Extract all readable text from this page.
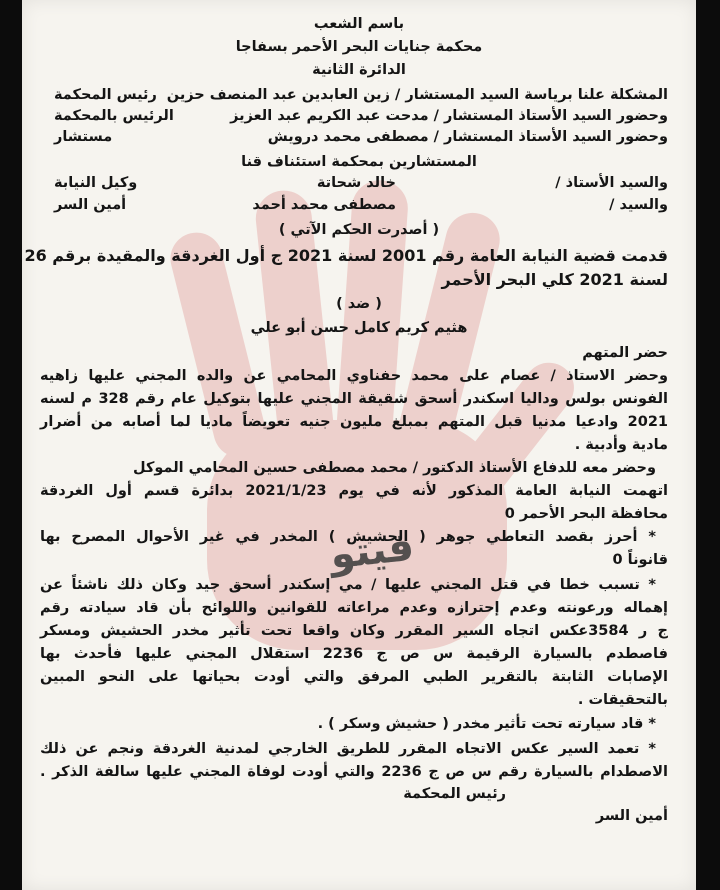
فيتو
باسم الشعب
محكمة جنايات البحر الأحمر بسفاجا
الدائرة الثانية
المشكلة علنا برياسة السيد المستشار / زين العابدين عبد المنصف حزين
رئيس المحكمة
وحضور السيد الأستاذ المستشار / مدحت عبد الكريم عبد العزيز
الرئيس بالمحكمة
وحضور السيد الأستاذ المستشار / مصطفى محمد درويش
مستشار
المستشارين بمحكمة استئناف قنا
والسيد الأستاذ /
خالد شحاتة
وكيل النيابة
والسيد /
مصطفى محمد أحمد
أمين السر
( أصدرت الحكم الآتي )
قدمت قضية النيابة العامة رقم 2001 لسنة 2021 ج أول الغردقة والمقيدة برقم 26
لسنة 2021 كلي البحر الأحمر
( ضد )
هثيم كريم كامل حسن أبو علي
حضر المتهم
وحضر الاستاذ / عصام على محمد حفناوي المحامي عن والده المجني عليها زاهيه
الفونس بولس وداليا اسكندر أسحق شقيقة المجني عليها بتوكيل عام رقم 328 م لسنه
2021 وادعيا مدنيا قبل المتهم بمبلغ مليون جنيه تعويضاً ماديا لما أصابه من أضرار
مادية وأدبية .
وحضر معه للدفاع الأستاذ الدكتور / محمد مصطفى حسين المحامي الموكل
اتهمت النيابة العامة المذكور لأنه في يوم 2021/1/23 بدائرة قسم أول الغردقة
محافظة البحر الأحمر 0
* أحرز بقصد التعاطي جوهر ( الحشيش ) المخدر في غير الأحوال المصرح بها
قانوناً 0
* تسبب خطا في قتل المجني عليها / مي إسكندر أسحق جيد وكان ذلك ناشئاً عن
إهماله ورعونته وعدم إحترازه وعدم مراعاته للقوانين واللوائح بأن قاد سيادته رقم
ج ر 3584عكس اتجاه السير المقرر وكان واقعا تحت تأثير مخدر الحشيش ومسكر
فاصطدم بالسيارة الرقيمة س ص ج 2236 استقلال المجني عليها فأحدث بها
الإصابات الثابتة بالتقرير الطبي المرفق والتي أودت بحياتها على النحو المبين
بالتحقيقات .
* قاد سيارته تحت تأثير مخدر ( حشيش وسكر ) .
* تعمد السير عكس الاتجاه المقرر للطريق الخارجي لمدنية الغردقة ونجم عن ذلك
الاصطدام بالسيارة رقم س ص ج 2236 والتي أودت لوفاة المجني عليها سالفة الذكر .
رئيس المحكمة
أمين السر
